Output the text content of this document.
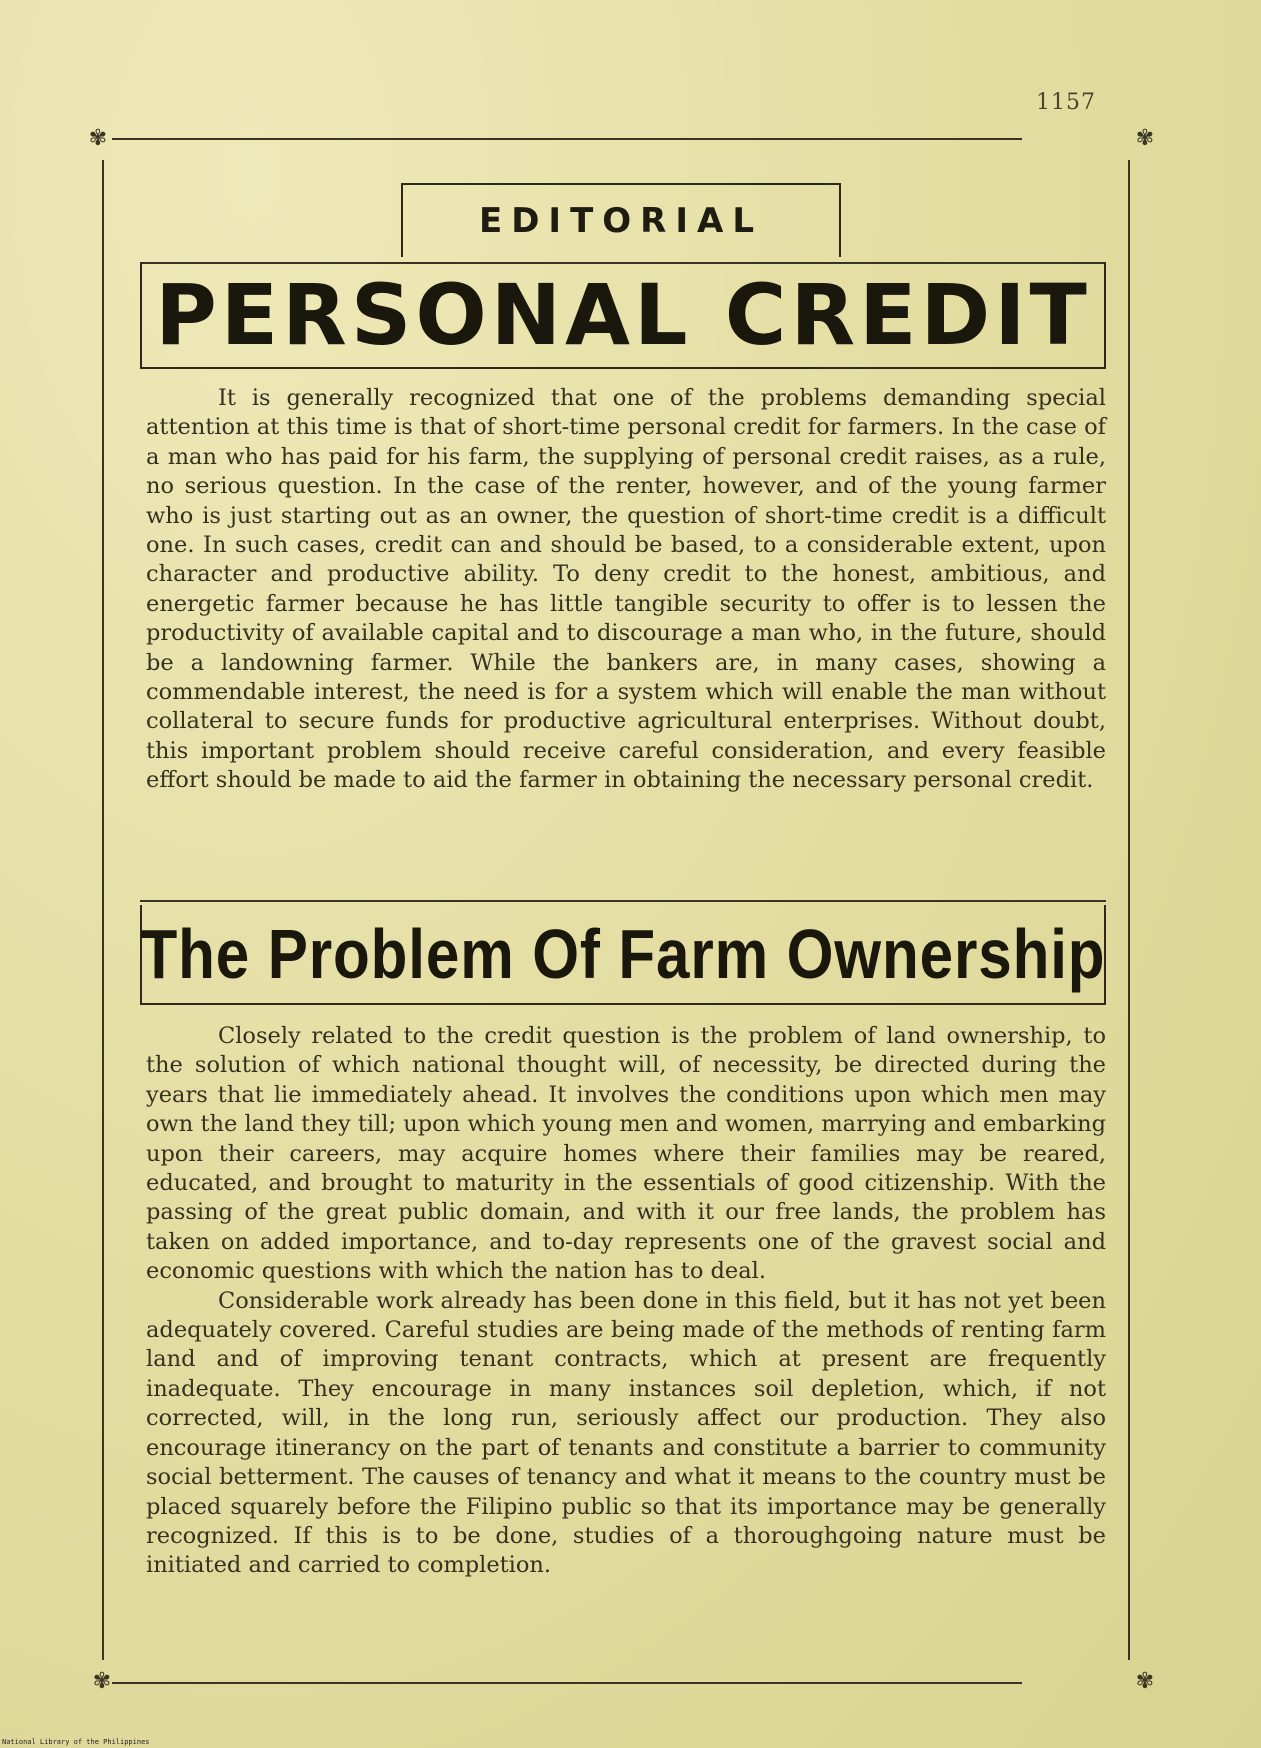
1157
✾	✾
✾	✾
EDITORIAL
PERSONAL CREDIT

It is generally recognized that one of the problems demanding special attention at this time is that of short-time personal credit for farmers. In the case of a man who has paid for his farm, the supplying of personal credit raises, as a rule, no serious question. In the case of the renter, however, and of the young farmer who is just starting out as an owner, the question of short-time credit is a difficult one. In such cases, credit can and should be based, to a considerable extent, upon character and productive ability. To deny credit to the honest, ambitious, and energetic farmer because he has little tangible security to offer is to lessen the productivity of available capital and to discourage a man who, in the future, should be a landowning farmer. While the bankers are, in many cases, showing a commendable interest, the need is for a system which will enable the man without collateral to secure funds for productive agricultural enterprises. Without doubt, this important problem should receive careful consideration, and every feasible effort should be made to aid the farmer in obtaining the necessary personal credit.

The Problem Of Farm Ownership

Closely related to the credit question is the problem of land ownership, to the solution of which national thought will, of necessity, be directed during the years that lie immediately ahead. It involves the conditions upon which men may own the land they till; upon which young men and women, marrying and embarking upon their careers, may acquire homes where their families may be reared, educated, and brought to maturity in the essentials of good citizenship. With the passing of the great public domain, and with it our free lands, the problem has taken on added importance, and to-day represents one of the gravest social and economic questions with which the nation has to deal.

Considerable work already has been done in this field, but it has not yet been adequately covered. Careful studies are being made of the methods of renting farm land and of improving tenant contracts, which at present are frequently inadequate. They encourage in many instances soil depletion, which, if not corrected, will, in the long run, seriously affect our production. They also encourage itinerancy on the part of tenants and constitute a barrier to community social betterment. The causes of tenancy and what it means to the country must be placed squarely before the Filipino public so that its importance may be generally recognized. If this is to be done, studies of a thoroughgoing nature must be initiated and carried to completion.

National Library of the Philippines
